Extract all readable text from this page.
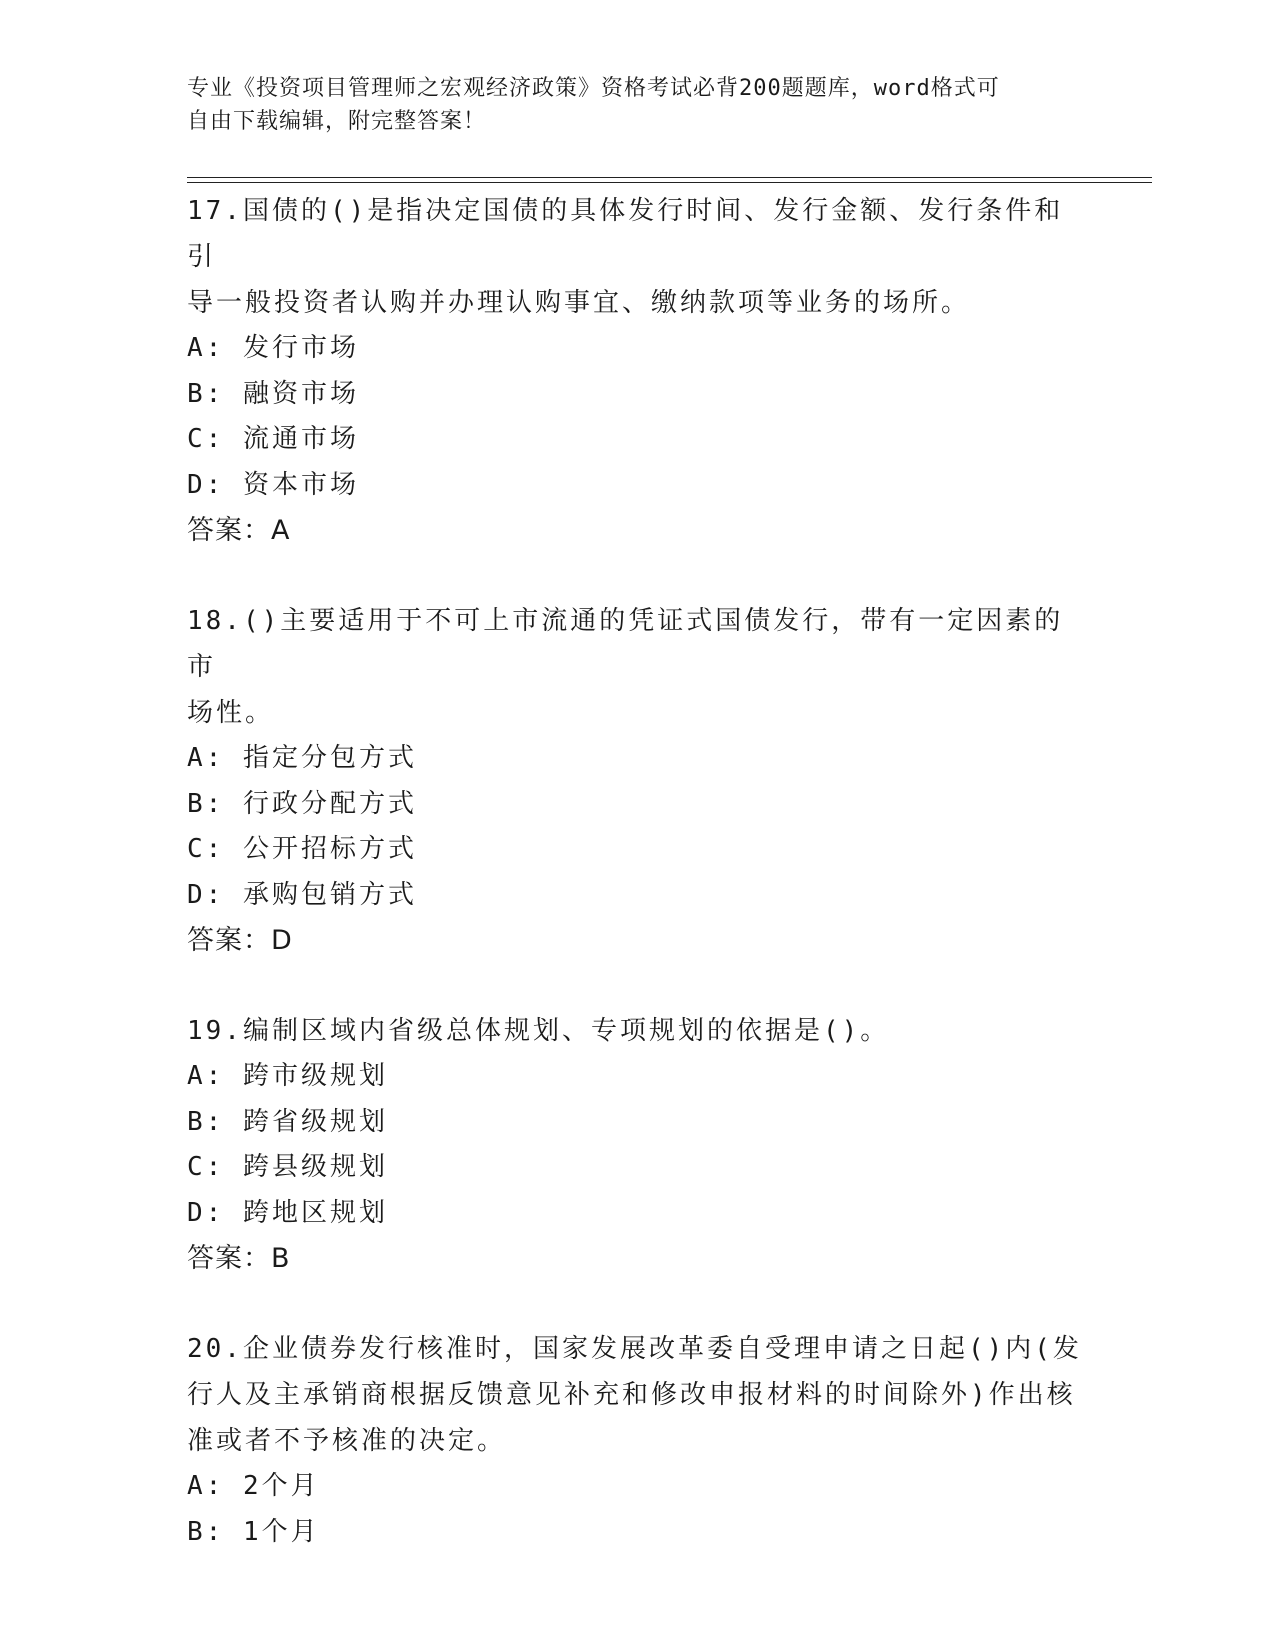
专业《投资项目管理师之宏观经济政策》资格考试必背200题题库，word格式可
自由下载编辑，附完整答案！
17.国债的()是指决定国债的具体发行时间、发行金额、发行条件和引
导一般投资者认购并办理认购事宜、缴纳款项等业务的场所。
A: 发行市场
B: 融资市场
C: 流通市场
D: 资本市场
答案：A
18.()主要适用于不可上市流通的凭证式国债发行，带有一定因素的市
场性。
A: 指定分包方式
B: 行政分配方式
C: 公开招标方式
D: 承购包销方式
答案：D
19.编制区域内省级总体规划、专项规划的依据是()。
A: 跨市级规划
B: 跨省级规划
C: 跨县级规划
D: 跨地区规划
答案：B
20.企业债券发行核准时，国家发展改革委自受理申请之日起()内(发
行人及主承销商根据反馈意见补充和修改申报材料的时间除外)作出核
准或者不予核准的决定。
A: 2个月
B: 1个月
